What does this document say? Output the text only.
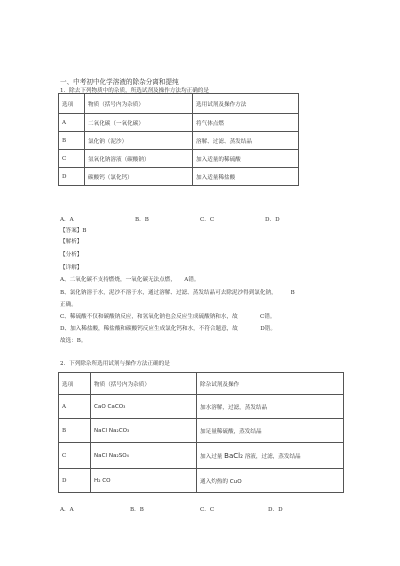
一、中考初中化学溶液的除杂分离和提纯
1．除去下列物质中的杂质，所选试剂及操作方法均正确的是
选项	物质（括号内为杂质）	选用试剂及操作方法
A	二氧化碳（一氧化碳）	将气体点燃
B	氯化钠（泥沙）	溶解、过滤、蒸发结晶
C	氢氧化钠溶液（碳酸钠）	加入适量的稀硫酸
D	碳酸钙（氯化钙）	加入适量稀盐酸
A．A	B．B	C．C	D．D
【答案】B
【解析】
【分析】
【详解】
A、二氧化碳不支持燃烧，一氧化碳无法点燃，　　A错。
B、氯化钠溶于水，泥沙不溶于水，通过溶解、过滤、蒸发结晶可去除泥沙得到氯化钠，　　　B
正确。
C、稀硫酸不仅和碳酸钠反应，和氢氧化钠也会反应生成硫酸钠和水，故　　　　C错。
D、加入稀盐酸，稀盐酸和碳酸钙反应生成氯化钙和水，不符合题意，故　　　　D错。
故选：B。
2．下列除杂所选用试剂与操作方法正确的是
选项	物质（括号内为杂质）	除杂试剂及操作
A	CaO CaCO₃	加水溶解，过滤，蒸发结晶
B	NaCl Na₂CO₃	加足量稀硫酸，蒸发结晶
C	NaCl Na₂SO₄	加入过量 BaCl₂ 溶液，过滤，蒸发结晶
D	H₂ CO	通入灼热的 CuO
A．A	B．B	C．C	D．D
